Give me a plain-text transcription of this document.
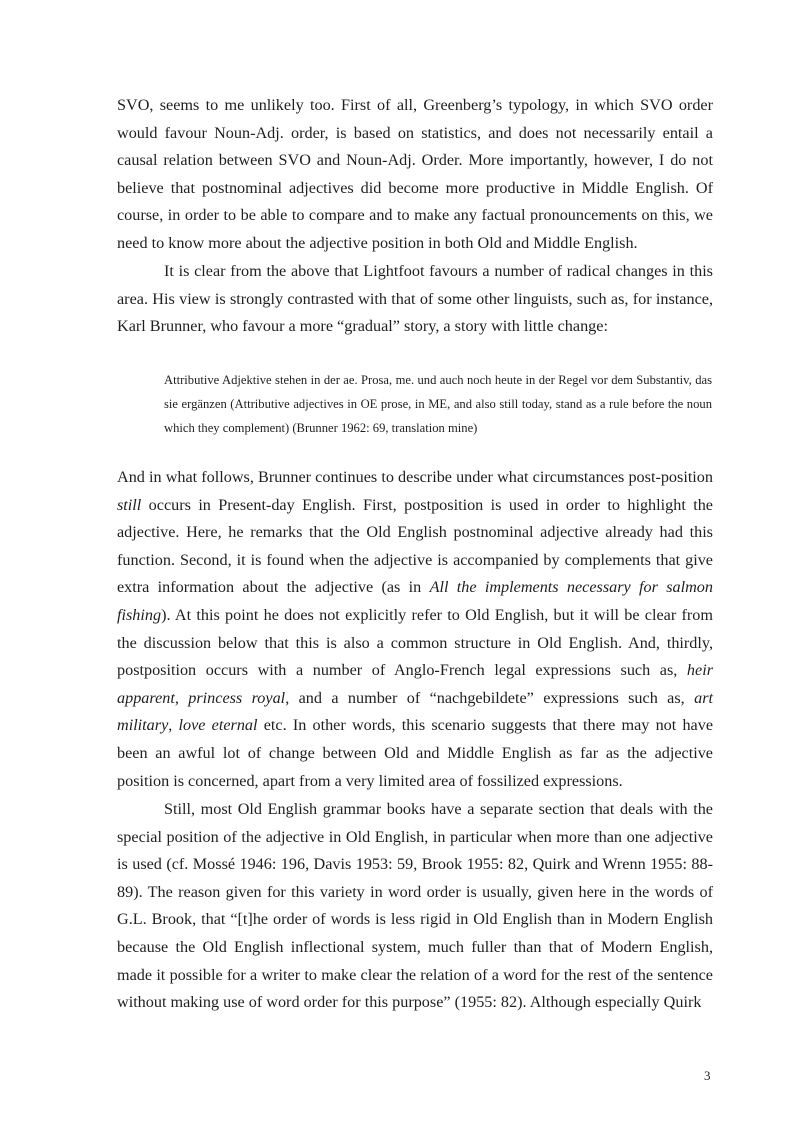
SVO, seems to me unlikely too. First of all, Greenberg’s typology, in which SVO order would favour Noun-Adj. order, is based on statistics, and does not necessarily entail a causal relation between SVO and Noun-Adj. Order. More importantly, however, I do not believe that postnominal adjectives did become more productive in Middle English. Of course, in order to be able to compare and to make any factual pronouncements on this, we need to know more about the adjective position in both Old and Middle English.

It is clear from the above that Lightfoot favours a number of radical changes in this area. His view is strongly contrasted with that of some other linguists, such as, for instance, Karl Brunner, who favour a more “gradual” story, a story with little change:

Attributive Adjektive stehen in der ae. Prosa, me. und auch noch heute in der Regel vor dem Substantiv, das sie ergänzen (Attributive adjectives in OE prose, in ME, and also still today, stand as a rule before the noun which they complement) (Brunner 1962: 69, translation mine)

And in what follows, Brunner continues to describe under what circumstances post-position still occurs in Present-day English. First, postposition is used in order to highlight the adjective. Here, he remarks that the Old English postnominal adjective already had this function. Second, it is found when the adjective is accompanied by complements that give extra information about the adjective (as in All the implements necessary for salmon fishing). At this point he does not explicitly refer to Old English, but it will be clear from the discussion below that this is also a common structure in Old English. And, thirdly, postposition occurs with a number of Anglo-French legal expressions such as, heir apparent, princess royal, and a number of “nachgebildete” expressions such as, art military, love eternal etc. In other words, this scenario suggests that there may not have been an awful lot of change between Old and Middle English as far as the adjective position is concerned, apart from a very limited area of fossilized expressions.

Still, most Old English grammar books have a separate section that deals with the special position of the adjective in Old English, in particular when more than one adjective is used (cf. Mossé 1946: 196, Davis 1953: 59, Brook 1955: 82, Quirk and Wrenn 1955: 88-89). The reason given for this variety in word order is usually, given here in the words of G.L. Brook, that “[t]he order of words is less rigid in Old English than in Modern English because the Old English inflectional system, much fuller than that of Modern English, made it possible for a writer to make clear the relation of a word for the rest of the sentence without making use of word order for this purpose” (1955: 82). Although especially Quirk

3
